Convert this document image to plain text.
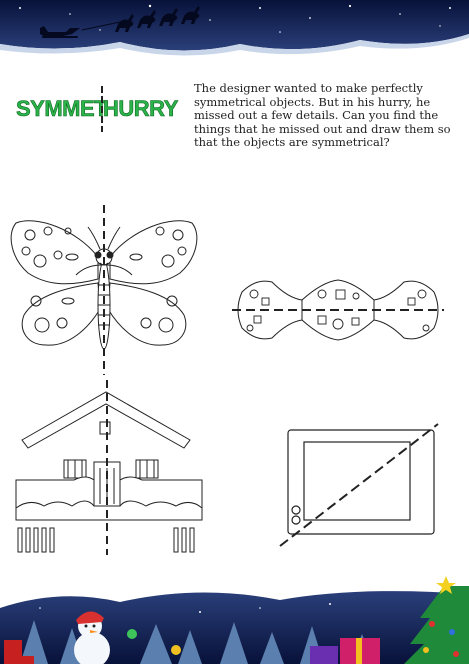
SYMMET
HURRY

The designer wanted to make perfectly symmetrical objects. But in his hurry, he missed out a few details. Can you find the things that he missed out and draw them so that the objects are symmetrical?
